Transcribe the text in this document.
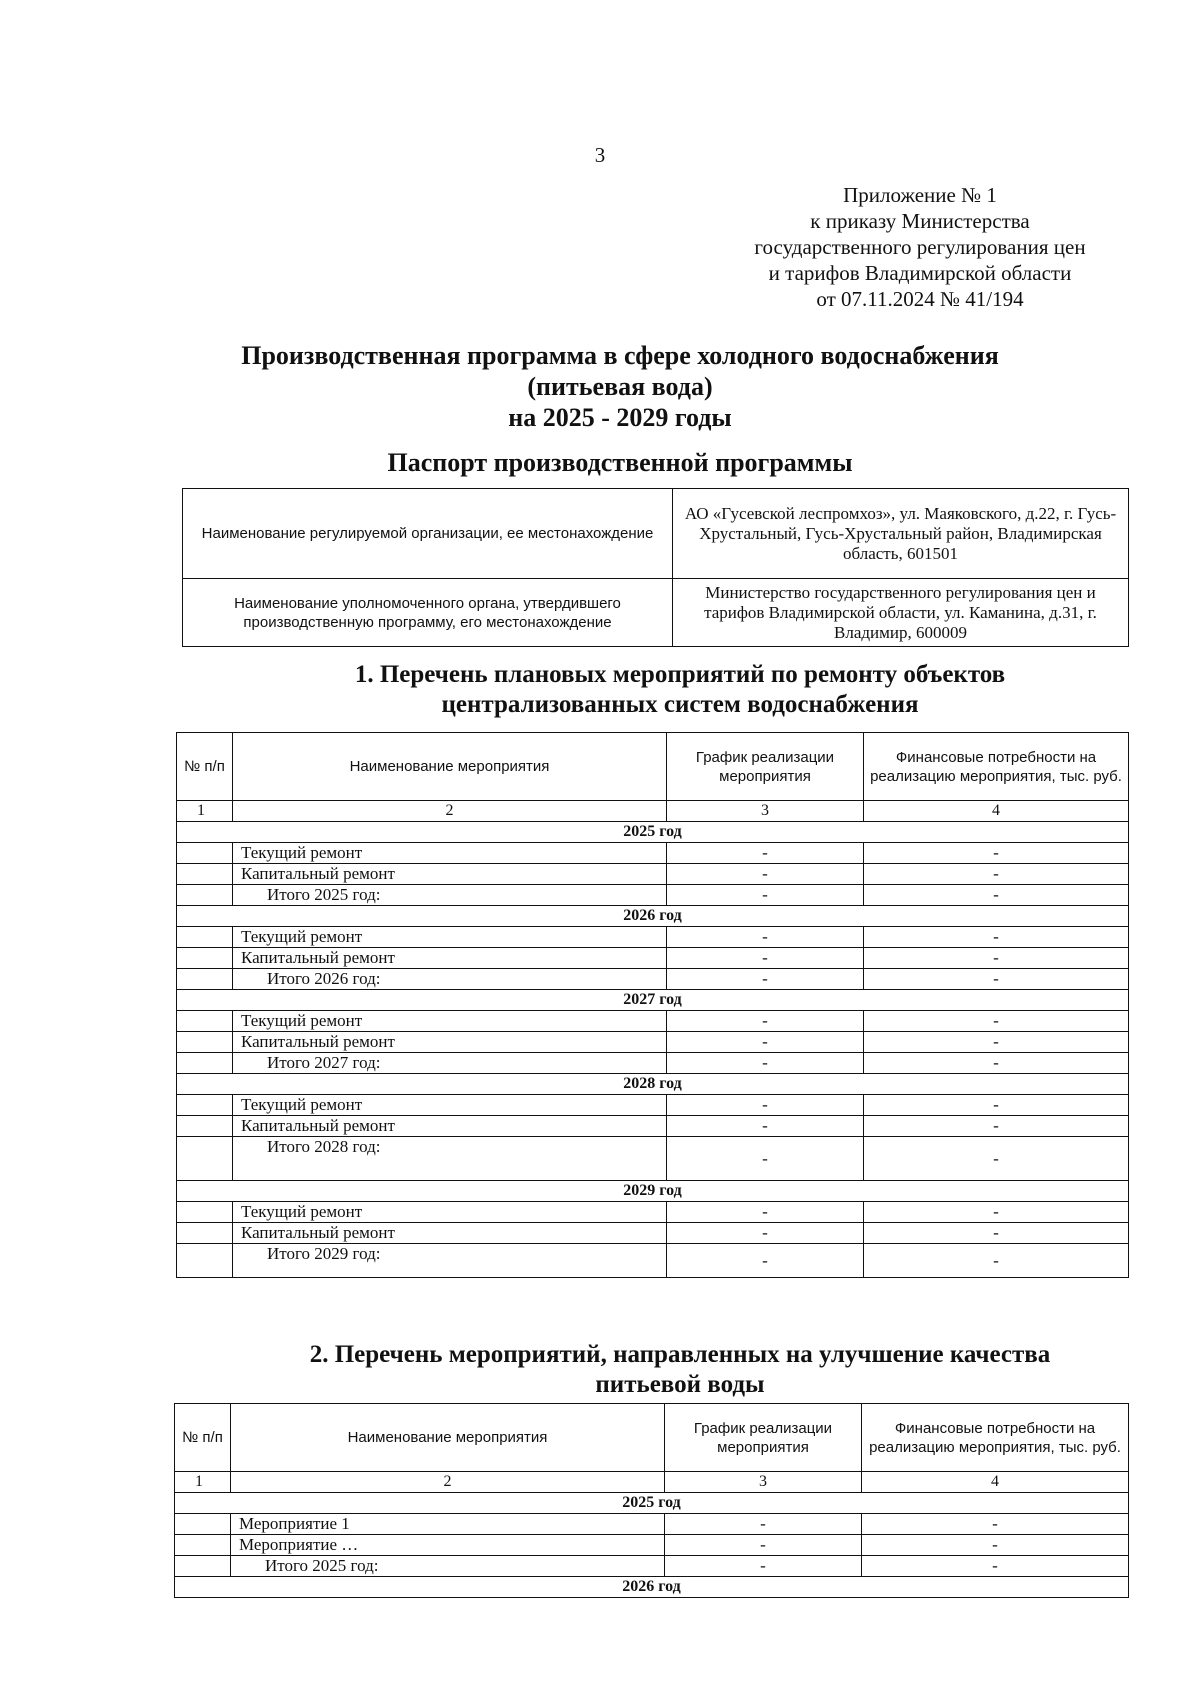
3
Приложение № 1
к приказу Министерства
государственного регулирования цен
и тарифов Владимирской области
от 07.11.2024 № 41/194
Производственная программа в сфере холодного водоснабжения
(питьевая вода)
на 2025 - 2029 годы
Паспорт производственной программы
Наименование регулируемой организации, ее местонахождение	АО «Гусевской леспромхоз», ул. Маяковского, д.22, г. Гусь-Хрустальный, Гусь-Хрустальный район, Владимирская область, 601501
Наименование уполномоченного органа, утвердившего производственную программу, его местонахождение	Министерство государственного регулирования цен и тарифов Владимирской области, ул. Каманина, д.31, г. Владимир, 600009
1. Перечень плановых мероприятий по ремонту объектов
централизованных систем водоснабжения
№ п/п	Наименование мероприятия	График реализации мероприятия	Финансовые потребности на реализацию мероприятия, тыс. руб.
1	2	3	4
2025 год			
	Текущий ремонт	-	-
	Капитальный ремонт	-	-
	Итого 2025 год:	-	-
2026 год			
	Текущий ремонт	-	-
	Капитальный ремонт	-	-
	Итого 2026 год:	-	-
2027 год			
	Текущий ремонт	-	-
	Капитальный ремонт	-	-
	Итого 2027 год:	-	-
2028 год			
	Текущий ремонт	-	-
	Капитальный ремонт	-	-
	Итого 2028 год:	-	-
2029 год			
	Текущий ремонт	-	-
	Капитальный ремонт	-	-
	Итого 2029 год:	-	-
2. Перечень мероприятий, направленных на улучшение качества
питьевой воды
№ п/п	Наименование мероприятия	График реализации мероприятия	Финансовые потребности на реализацию мероприятия, тыс. руб.
1	2	3	4
2025 год			
	Мероприятие 1	-	-
	Мероприятие …	-	-
	Итого 2025 год:	-	-
2026 год			
